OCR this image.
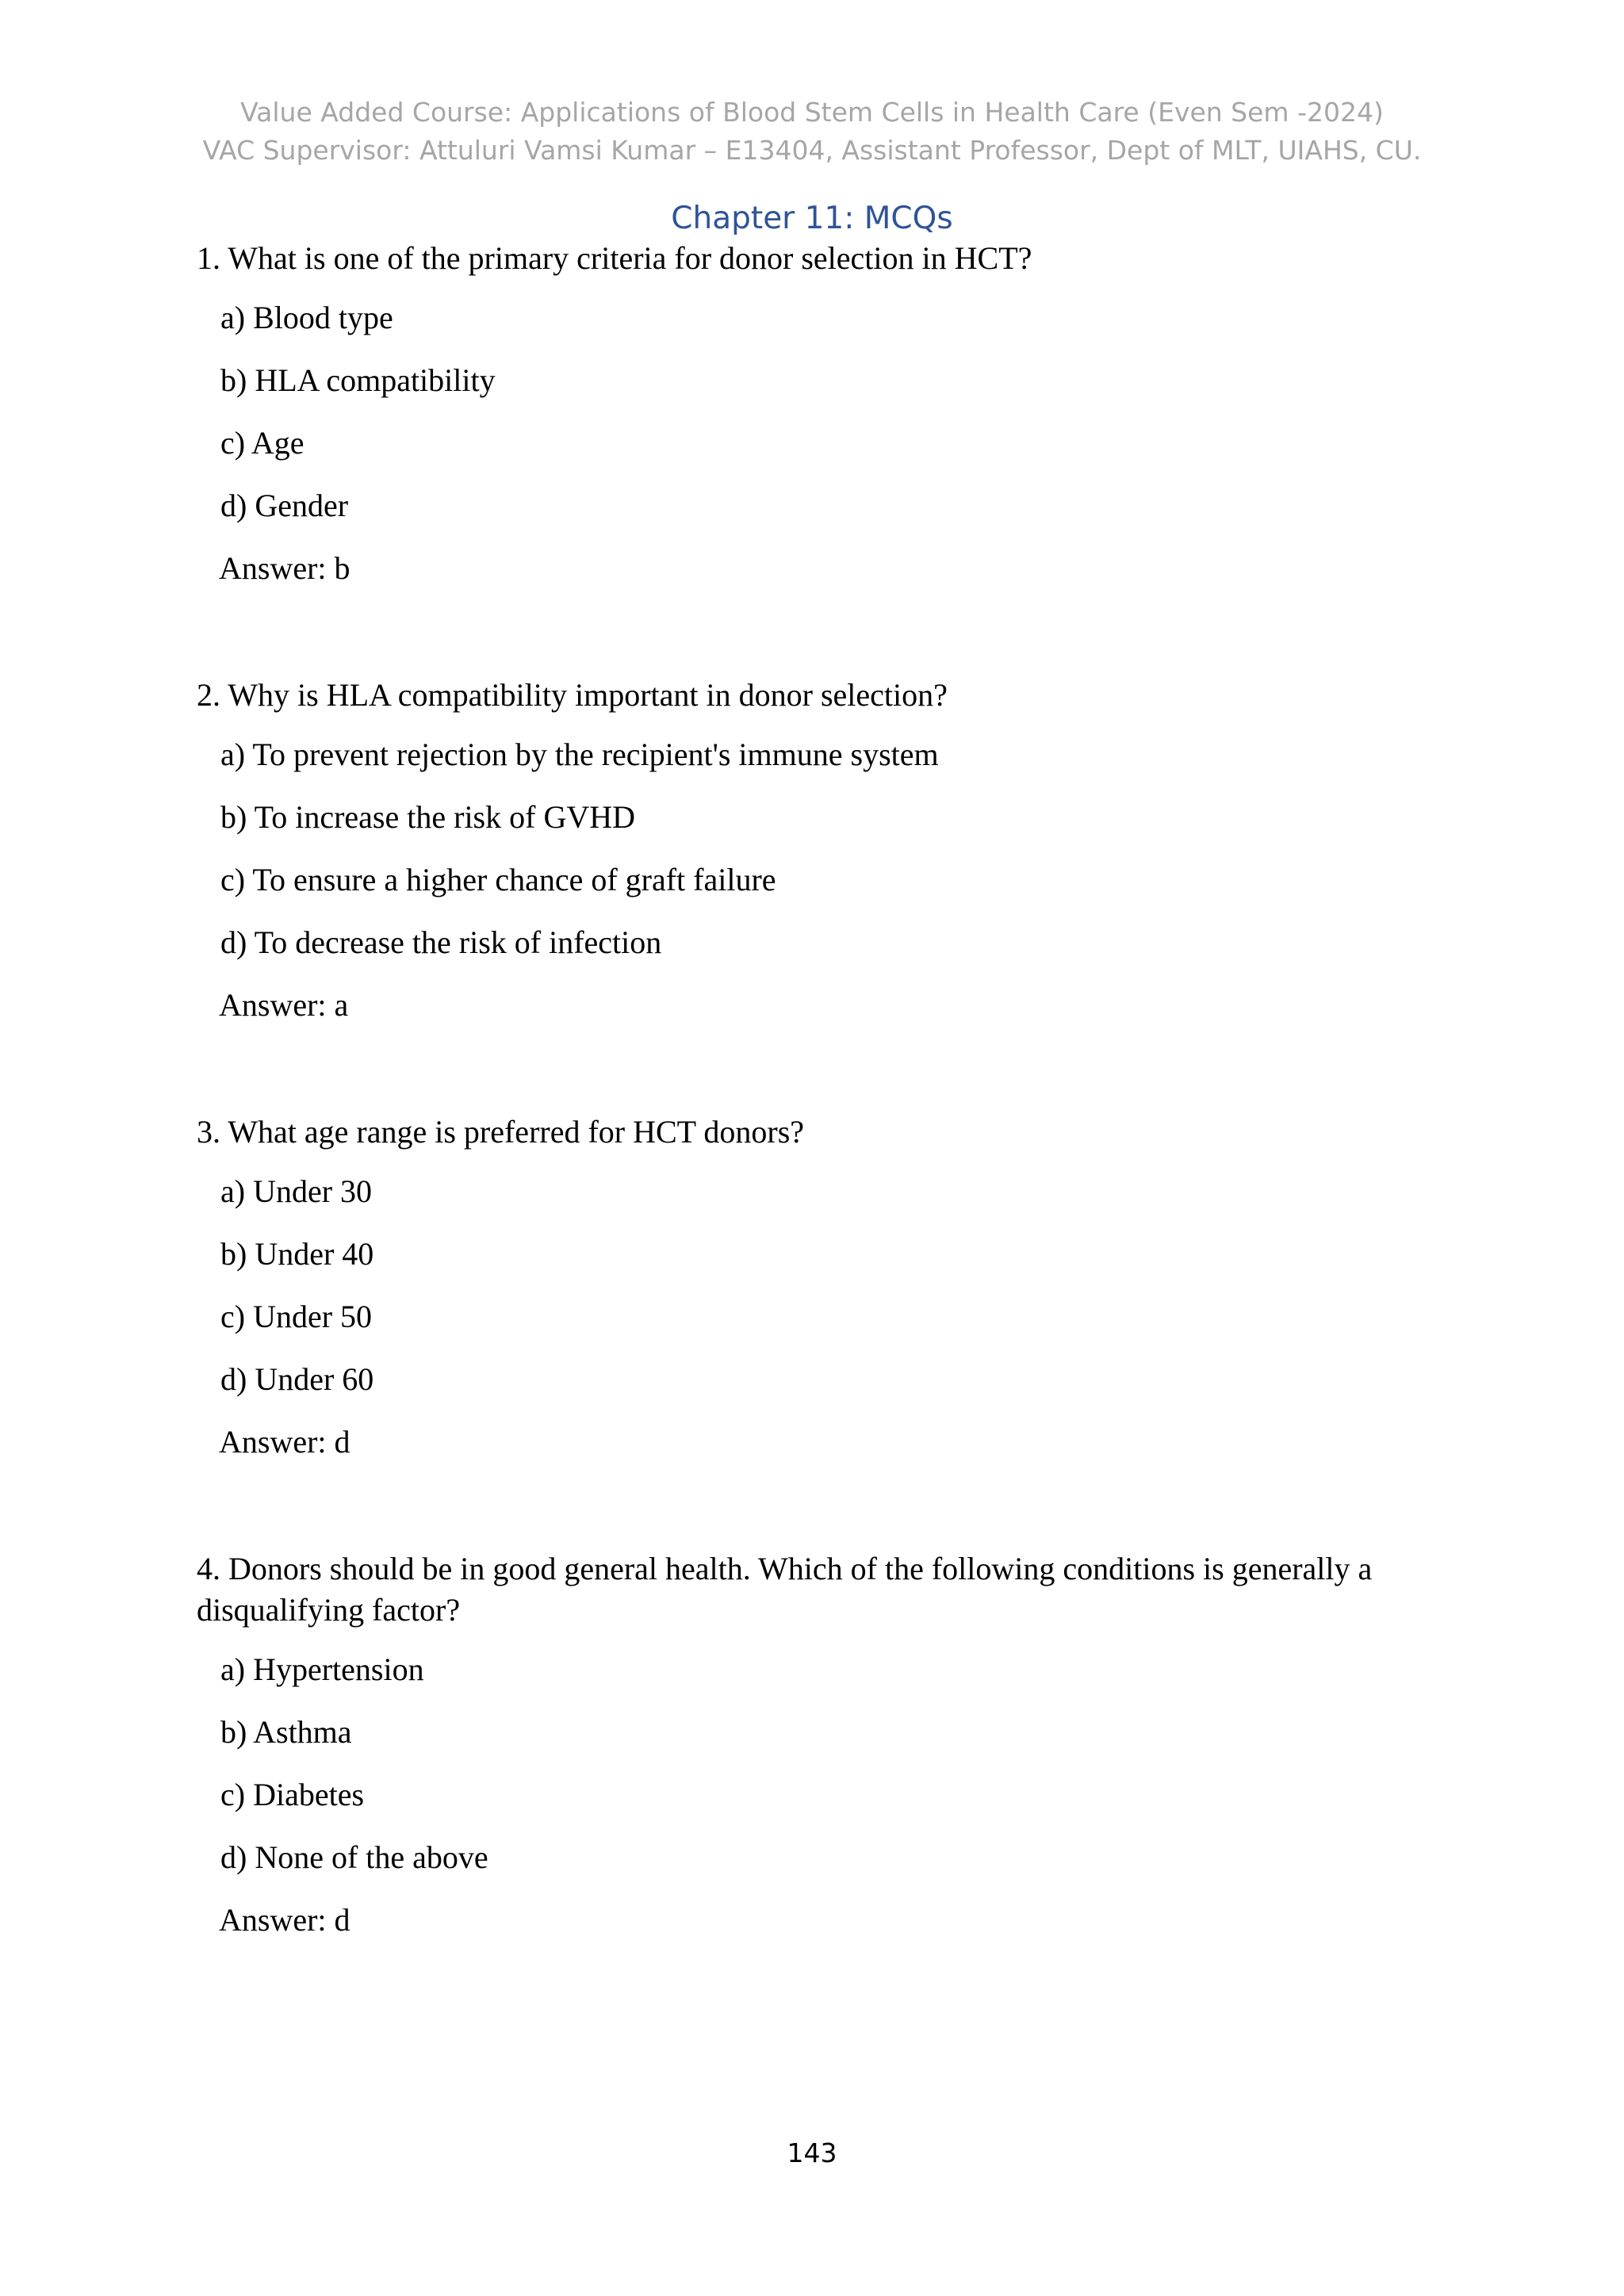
Value Added Course: Applications of Blood Stem Cells in Health Care (Even Sem -2024)
VAC Supervisor: Attuluri Vamsi Kumar – E13404, Assistant Professor, Dept of MLT, UIAHS, CU.
Chapter 11: MCQs
1. What is one of the primary criteria for donor selection in HCT?
a) Blood type
b) HLA compatibility
c) Age
d) Gender
Answer: b
2. Why is HLA compatibility important in donor selection?
a) To prevent rejection by the recipient's immune system
b) To increase the risk of GVHD
c) To ensure a higher chance of graft failure
d) To decrease the risk of infection
Answer: a
3. What age range is preferred for HCT donors?
a) Under 30
b) Under 40
c) Under 50
d) Under 60
Answer: d
4. Donors should be in good general health. Which of the following conditions is generally a disqualifying factor?
a) Hypertension
b) Asthma
c) Diabetes
d) None of the above
Answer: d
143
